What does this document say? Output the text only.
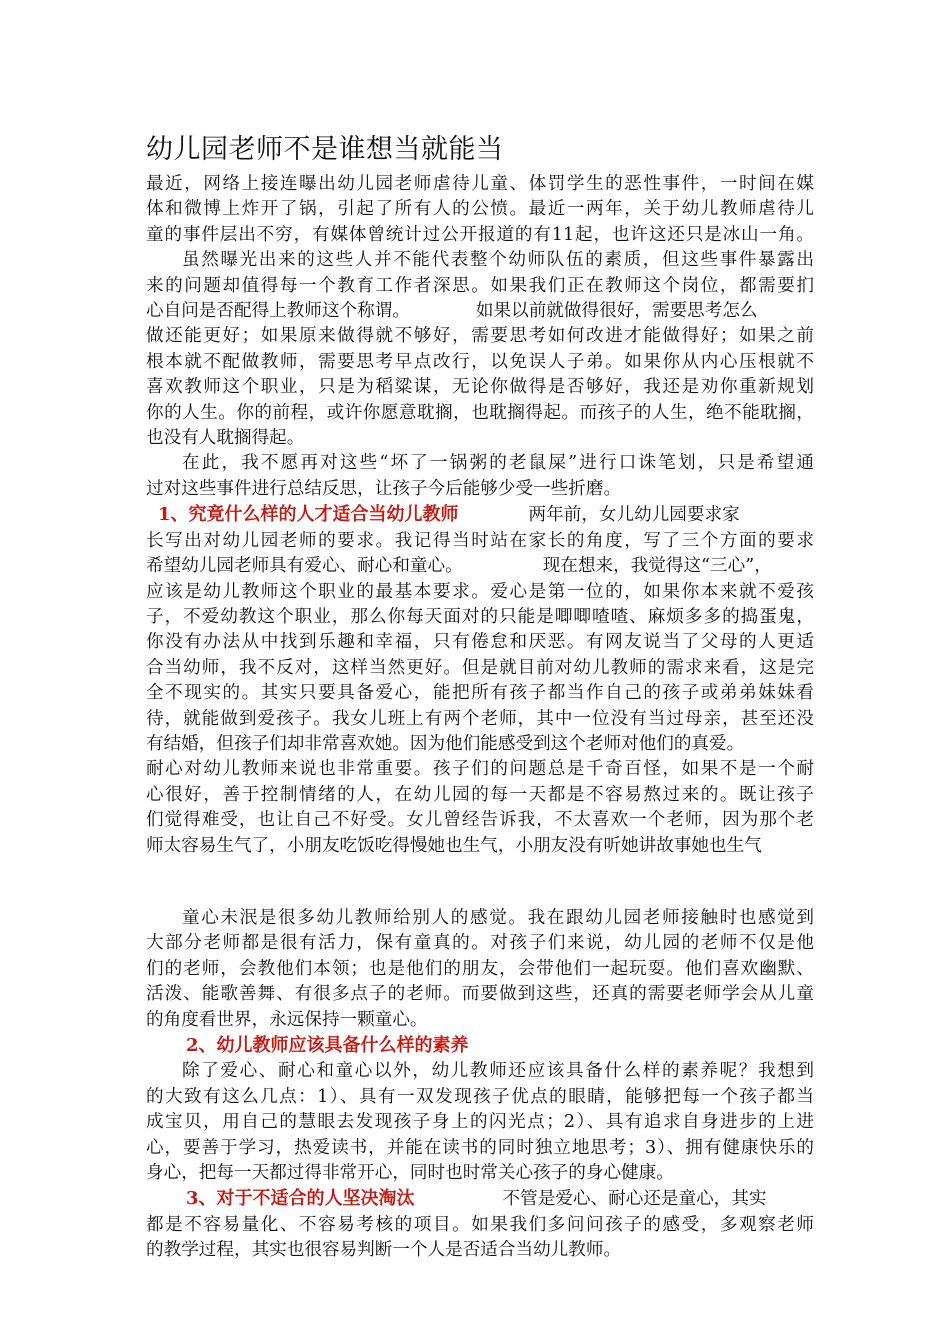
幼儿园老师不是谁想当就能当
最近，网络上接连曝出幼儿园老师虐待儿童、体罚学生的恶性事件，一时间在媒
体和微博上炸开了锅，引起了所有人的公愤。最近一两年，关于幼儿教师虐待儿
童的事件层出不穷，有媒体曾统计过公开报道的有11起，也许这还只是冰山一角。
虽然曝光出来的这些人并不能代表整个幼师队伍的素质，但这些事件暴露出
来的问题却值得每一个教育工作者深思。如果我们正在教师这个岗位，都需要扪
心自问是否配得上教师这个称谓。	如果以前就做得很好，需要思考怎么
做还能更好；如果原来做得就不够好，需要思考如何改进才能做得好；如果之前
根本就不配做教师，需要思考早点改行，以免误人子弟。如果你从内心压根就不
喜欢教师这个职业，只是为稻粱谋，无论你做得是否够好，我还是劝你重新规划
你的人生。你的前程，或许你愿意耽搁，也耽搁得起。而孩子的人生，绝不能耽搁，
也没有人耽搁得起。
在此，我不愿再对这些“坏了一锅粥的老鼠屎”进行口诛笔划，只是希望通
过对这些事件进行总结反思，让孩子今后能够少受一些折磨。
1、究竟什么样的人才适合当幼儿教师	两年前，女儿幼儿园要求家
长写出对幼儿园老师的要求。我记得当时站在家长的角度，写了三个方面的要求
希望幼儿园老师具有爱心、耐心和童心。	现在想来，我觉得这“三心”，
应该是幼儿教师这个职业的最基本要求。爱心是第一位的，如果你本来就不爱孩
子，不爱幼教这个职业，那么你每天面对的只能是唧唧喳喳、麻烦多多的捣蛋鬼，
你没有办法从中找到乐趣和幸福，只有倦怠和厌恶。有网友说当了父母的人更适
合当幼师，我不反对，这样当然更好。但是就目前对幼儿教师的需求来看，这是完
全不现实的。其实只要具备爱心，能把所有孩子都当作自己的孩子或弟弟妹妹看
待，就能做到爱孩子。我女儿班上有两个老师，其中一位没有当过母亲，甚至还没
有结婚，但孩子们却非常喜欢她。因为他们能感受到这个老师对他们的真爱。
耐心对幼儿教师来说也非常重要。孩子们的问题总是千奇百怪，如果不是一个耐
心很好，善于控制情绪的人，在幼儿园的每一天都是不容易熬过来的。既让孩子
们觉得难受，也让自己不好受。女儿曾经告诉我，不太喜欢一个老师，因为那个老
师太容易生气了，小朋友吃饭吃得慢她也生气，小朋友没有听她讲故事她也生气
童心未泯是很多幼儿教师给别人的感觉。我在跟幼儿园老师接触时也感觉到
大部分老师都是很有活力，保有童真的。对孩子们来说，幼儿园的老师不仅是他
们的老师，会教他们本领；也是他们的朋友，会带他们一起玩耍。他们喜欢幽默、
活泼、能歌善舞、有很多点子的老师。而要做到这些，还真的需要老师学会从儿童
的角度看世界，永远保持一颗童心。
2、幼儿教师应该具备什么样的素养
除了爱心、耐心和童心以外，幼儿教师还应该具备什么样的素养呢？我想到
的大致有这么几点：1）、具有一双发现孩子优点的眼睛，能够把每一个孩子都当
成宝贝，用自己的慧眼去发现孩子身上的闪光点；2）、具有追求自身进步的上进
心，要善于学习，热爱读书，并能在读书的同时独立地思考；3）、拥有健康快乐的
身心，把每一天都过得非常开心，同时也时常关心孩子的身心健康。
3、对于不适合的人坚决淘汰	不管是爱心、耐心还是童心，其实
都是不容易量化、不容易考核的项目。如果我们多问问孩子的感受，多观察老师
的教学过程，其实也很容易判断一个人是否适合当幼儿教师。
